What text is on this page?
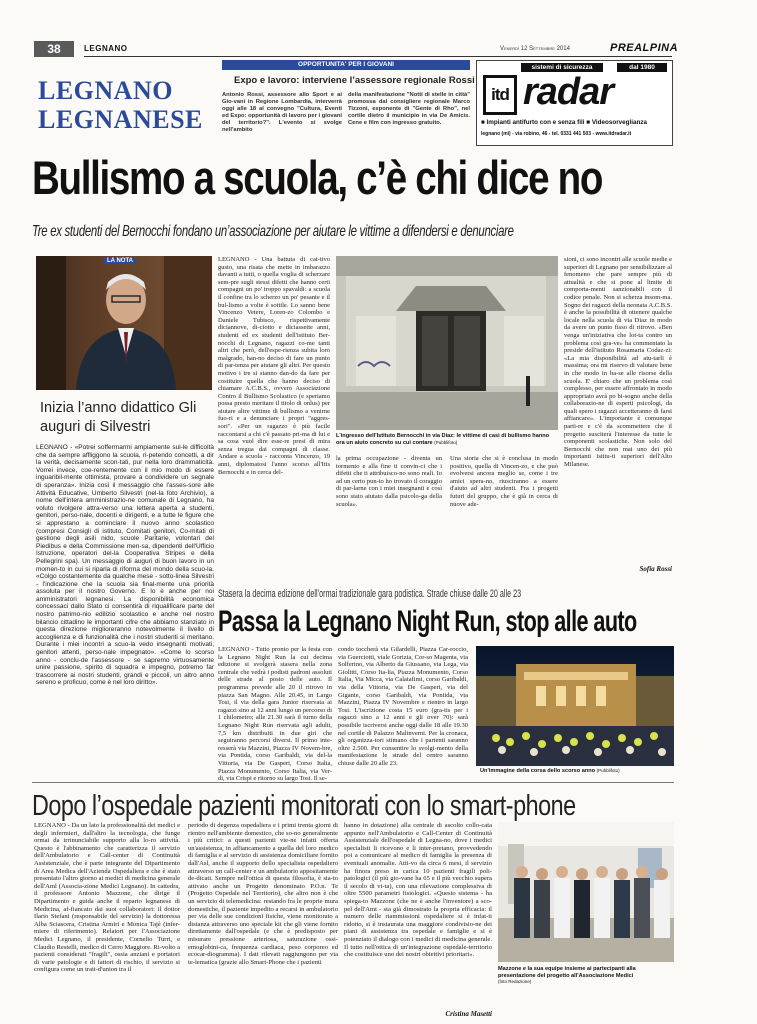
38	LEGNANO	Venerdì 12 Settembre 2014	PREALPINA
LEGNANO
LEGNANESE
OPPORTUNITA' PER I GIOVANI
Expo e lavoro: interviene l’assessore regionale Rossi
Antonio Rossi, assessore allo Sport e ai Gio-vani in Regione Lombardia, interverrà oggi alle 18 al convegno "Cultura, Eventi ed Expo: opportunità di lavoro per i giovani del territorio?". L'evento si svolge nell'ambito
della manifestazione "Notti di stelle in città" promossa dal consigliere regionale Marco Tizzoni, esponente di "Gente di Rho", nel cortile dietro il municipio in via De Amicis. Cene e film con ingresso gratuito.
sistemi di sicurezza	dal 1980
itd radar
■ Impianti antifurto con e senza fili ■ Videosorveglianza
legnano (mi) - via robino, 46 - tel. 0331 441 503 - www.itdradar.it
Bullismo a scuola, c’è chi dice no
Tre ex studenti del Bernocchi fondano un’associazione per aiutare le vittime a difendersi e denunciare
LA NOTA
Inizia l’anno didattico Gli auguri di Silvestri
LEGNANO - «Potrei soffermarmi ampiamente sul-le difficoltà che da sempre affliggono la scuola, ri-petendo concetti, a dir la verità, decisamente scon-tati, pur nella loro drammaticità. Vorrei invece, coe-rentemente con il mio modo di essere inguaribil-mente ottimista, provare a condividere un segnale di speranza». Inizia così il messaggio che l'asses-sore alle Attività Educative, Umberto Silvestri (nel-la foto Archivio), a nome dell'intera amministrazio-ne comunale di Legnano, ha voluto rivolgere attra-verso una lettera aperta a studenti, genitori, perso-nale, docenti e dirigenti, e a tutte le figure che si apprestano a cominciare il nuovo anno scolastico (compresi Consigli di istituto, Comitati genitori, Co-mitati di gestione degli asili nido, scuole Paritarie, volontari del Piedibus e della Commissione men-sa, dipendenti dell'Ufficio Istruzione, operatori del-la Cooperativa Stripes e della Pellegrini spa). Un messaggio di auguri di buon lavoro in un momen-to in cui si riparla di riforma del mondo della scuo-la. «Colgo costantemente da qualche mese - sotto-linea Silvestri - l'indicazione che la scuola sia final-mente una priorità assoluta per il nostro Governo. E lo è anche per noi amministratori legnanesi. La disponibilità economica concessaci dallo Stato ci consentirà di riqualificare parte del nostro patrimo-nio edilizio scolastico e anche nel nostro bilancio cittadino le importanti cifre che abbiamo stanziato in questa direzione miglioreranno notevolmente il livello di accoglienza e di funzionalità che i nostri studenti si meritano. Durante i miei incontri a scuo-la vedo insegnanti motivati, genitori attenti, perso-nale impegnato». «Come lo scorso anno - conclu-de l'assessore - se sapremo virtuosamente unire passione, spirito di squadra e impegno, potremo far trascorrere ai nostri studenti, grandi e piccoli, un altro anno sereno e proficuo, come è nel loro diritto».
LEGNANO - Una battuta di cat-tivo gusto, una risata che mette in imbarazzo davanti a tutti, o quella voglia di scherzare sem-pre sugli stessi difetti che hanno certi compagni un po' troppo spavaldi: a scuola il confine tra lo scherzo un po' pesante e il bul-lismo a volte è sottile. Lo sanno bene Vincenzo Vetere, Loren-zo Colombo e Daniele Tubisco, rispettivamente diciannove, di-ciotto e diciassette anni, studenti ed ex studenti dell'istituto Ber-nocchi di Legnano, ragazzi co-me tanti altri che però, dell'espe-rienza subita loro malgrado, han-no deciso di fare un punto di par-tenza per aiutare gli altri. Per questo motivo i tre si stanno dan-do da fare per costituire quella che hanno deciso di chiamare A.C.B.S., ovvero Associazione Contro il Bullismo Scolastico (e speriamo possa presto meritare il titolo di onlus) per aiutare altre vittime di bullismo a venirne fuo-ri e a denunciare i propri "aggres-sori". «Per un ragazzo è più facile raccontarsi a chi c'è passato pri-ma di lui e sa cosa vuol dire esse-re presi di mira senza tregua dai compagni di classe. Andare a scuola - racconta Vincenzo, 19 anni, diplomatosi l'anno scorso all'Itis Bernocchi e in cerca del-
L'ingresso dell'Istituto Bernocchi in via Diaz: le vittime di casi di bullismo hanno ora un aiuto concreto su cui contare (Pubblifoto)
la prima occupazione - diventa un tormento e alla fine ti convin-ci che i difetti che ti attribuisco-no sono reali. Io ad un certo pun-to ho trovato il coraggio di par-larne con i miei insegnanti e così sono stato aiutato dalla psicolo-ga della scuola».
Una storia che si è conclusa in modo positivo, quella di Vincen-zo, e che può evolversi ancora meglio se, come i tre amici spera-no, riusciranno a essere d'aiuto ad altri studenti. Fra i progetti futuri del gruppo, che è già in cerca di nuove ade-
sioni, ci sono incontri alle scuole medie e superiori di Legnano per sensibilizzare al fenomeno che pare sempre più di attualità e che si pone al limite di comporta-menti sanzionabili con il codice penale. Non si scherza insom-ma. Sogno dei ragazzi della neonata A.C.B.S. è anche la possibilità di ottenere qualche locale nella scuola di via Diaz in modo da avere un punto fisso di ritrovo. «Ben venga un'iniziativa che lot-ta contro un problema così gra-ve» ha commentato la preside dell'istituto Rosamaria Codaz-zi: «La mia disponibilità ad aiu-tarli è massima; ora mi riservo di valutare bene in che modo in ba-se alle risorse della scuola. E' chiaro che un problema così complesso, per essere affrontato in modo appropriato avrà po bi-sogno anche della collaborazio-ne di esperti psicologi, da quali spero i ragazzi accetteranno di farsi affiancare». L'importante è comunque parti-re e c'è da scommettere che il progetto susciterà l'interesse da tutte le componenti scolastiche. Non solo del Bernocchi che non mai uno dei più importanti istitu-ti superiori dell'Alto Milanese.
Sofia Rossi
Stasera la decima edizione dell’ormai tradizionale gara podistica. Strade chiuse dalle 20 alle 23
Passa la Legnano Night Run, stop alle auto
LEGNANO - Tutto pronto per la festa con la Legnano Night Run la cui decima edizione si svolgerà stasera nella zona centrale che vedrà i podisti padroni assoluti delle strade al posto delle auto. Il programma prevede alle 20 il ritrovo in piazza San Magno. Alle 20.45, in Largo Tosi, il via della gara Junior riservata ai ragazzi sino ai 12 anni lungo un percorso di 1 chilometro; alle 21.30 sarà il turno della Legnano Night Run riservata agli adulti, 7,5 km distribuiti in due giri che seguiranno percorsi diversi. Il primo inte-resserà via Mazzini, Piazza IV Novem-bre, via Pontida, corso Garibaldi, via del-la Vittoria, via De Gasperi, Corso Italia, Piazza Monumento, Corso Italia, via Ver-di, via Crispi e ritorno su largo Tosi. Il se-
condo toccherà via Gilardelli, Piazza Car-roccio, via Guerciotti, viale Gorizia, Cor-so Magenta, via Solferino, via Alberto da Giussano, via Lega, via Giolitti, Corso Ita-lia, Piazza Monumento, Corso Italia, Via Micca, via Calatafimi, corso Garibaldi, via della Vittoria, via De Gasperi, via del Gigante, corso Garibaldi, via Pontida, via Mazzini, Piazza IV Novembre e rientro in largo Tosi. L'iscrizione costa 15 euro (gra-tis per i ragazzi sino a 12 anni e gli over 70): sarà possibile iscriversi anche oggi dalle 18 alle 19.30 nel cortile di Palazzo Malinverni. Per la cronaca, gli organizza-tori stimano che i partenti saranno oltre 2.500. Per consentire lo svolgi-mento della manifestazione le strade del centro saranno chiuse dalle 20 alle 23.
Un'immagine della corsa dello scorso anno (Pubblifoto)
Dopo l’ospedale pazienti monitorati con lo smart-phone
LEGNANO - Da un lato la professionalità dei medici e degli infermieri, dall'altro la tecnologia, che funge ormai da irrinunciabile supporto alla lo-ro attività. Questo è l'abbinamento che caratterizza il servizio dell'Ambulatorio e Call-center di Continuità Assistenziale, che è parte integrante del Dipartimento di Area Medica dell'Azienda Ospedaliera e che è stato presentato l'altro giorno ai medici di medicina generale dell'Aml (Associa-zione Medici Legnano). In cattedra, il professore Antonio Mazzone, che dirige il Dipartimento e guida anche il reparto legnanese di Medicina, af-fiancato dai suoi collaboratori: il dottor Ilario Stefani (responsabile del servizio) la dottoressa Alba Sciascera, Cristina Armiri e Monica Tajè (infer-miere di riferimento). Relatori per l'Associazione Medici Legnano, il presidente, Cornelio Turri, e Claudio Restelli, medico di Cerro Maggiore. Ri-volto a pazienti considerati "fragili", ossia anziani e portatori di varie patologie e di fattori di rischio, il servizio si configura come un trait-d'union tra il
periodo di degenza ospedaliera e i primi trenta giorni di rientro nell'ambiente domestico, che so-no generalmente i più critici: a questi pazienti vie-ne infatti offerta un'assistenza, in affiancamento a quella del loro medico di famiglia e al servizio di assistenza domiciliare fornito dall'Asl, anche il supporto dello specialista ospedaliero attraverso un call-center e un ambulatorio appositamente de-dicati. Sempre nell'ottica di questa filosofia, è sta-to attivato anche un Progetto denominato P.O.n. Te (Progetto Ospedale nel Territorio), che altro non è che un servizio di telemedicina: restando fra le proprie mura domestiche, il paziente impedito a recarsi in ambulatorio per via delle sue condizioni fisiche, viene monitorato a distanza attraverso uno speciale kit che gli viene fornito direttamente dall'ospedale (e che è predisposto per misurare pressione arteriosa, saturazione ossi-emoglobini-ca, frequenza cardiaca, peso corporeo ed ecocar-diogramma). I dati rilevati raggiungono per via te-lematica (grazie allo Smart-Phone che i pazienti
hanno in dotazione) alla centrale di ascolto collo-cata appunto nell'Ambulatorio e Call-Center di Continuità Assistenziale dell'ospedale di Legna-no, dove i medici specialisti li ricevono e li inter-pretano, provvedendo poi a comunicare al medico di famiglia la presenza di eventuali anomalie. Atti-vo da circa 6 mesi, il servizio ha finora preso in carica 10 pazienti fragili poli-patologici (il più gio-vane ha 65 e il più vecchio supera il secolo di vi-ta), con una rilevazione complessiva di oltre 5500 parametri fisiologici. «Questo sistema - ha spiega-to Mazzone (che ne è anche l'inventore) a sco-pel dell'Amt - sta già dimostrato la propria efficacia: il numero delle riammissioni ospedaliere si è infat-ti ridotto, si è instaurata una maggiore condivisio-ne dei piani di assistenza tra ospedale e famiglie e si è potenziato il dialogo con i medici di medicina generale. Il tutto nell'ottica di un'integrazione ospedale-territorio che costituisce uno dei nostri obiettivi prioritari».
Cristina Masetti
Mazzone e la sua equipe insieme ai partecipanti alla presentazione del progetto all'Associazione Medici
(foto Redazione)
